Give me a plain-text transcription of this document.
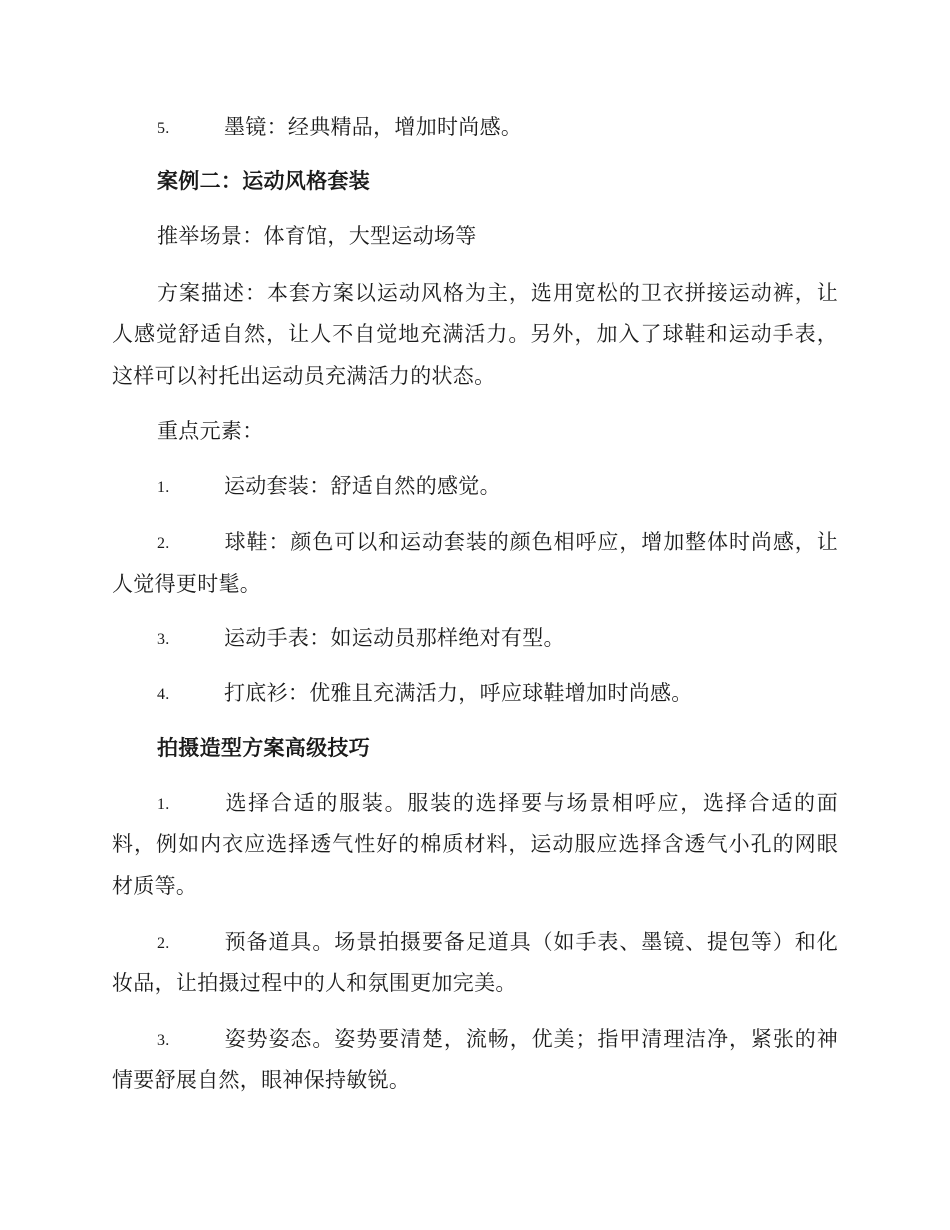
5.	墨镜：经典精品，增加时尚感。
案例二：运动风格套装
推举场景：体育馆，大型运动场等
方案描述：本套方案以运动风格为主，选用宽松的卫衣拼接运动裤，让
人感觉舒适自然，让人不自觉地充满活力。另外，加入了球鞋和运动手表，
这样可以衬托出运动员充满活力的状态。
重点元素：
1.	运动套装：舒适自然的感觉。
2.	球鞋：颜色可以和运动套装的颜色相呼应，增加整体时尚感，让
人觉得更时髦。
3.	运动手表：如运动员那样绝对有型。
4.	打底衫：优雅且充满活力，呼应球鞋增加时尚感。
拍摄造型方案高级技巧
1.	选择合适的服装。服装的选择要与场景相呼应，选择合适的面
料，例如内衣应选择透气性好的棉质材料，运动服应选择含透气小孔的网眼
材质等。
2.	预备道具。场景拍摄要备足道具（如手表、墨镜、提包等）和化
妆品，让拍摄过程中的人和氛围更加完美。
3.	姿势姿态。姿势要清楚，流畅，优美；指甲清理洁净，紧张的神
情要舒展自然，眼神保持敏锐。
